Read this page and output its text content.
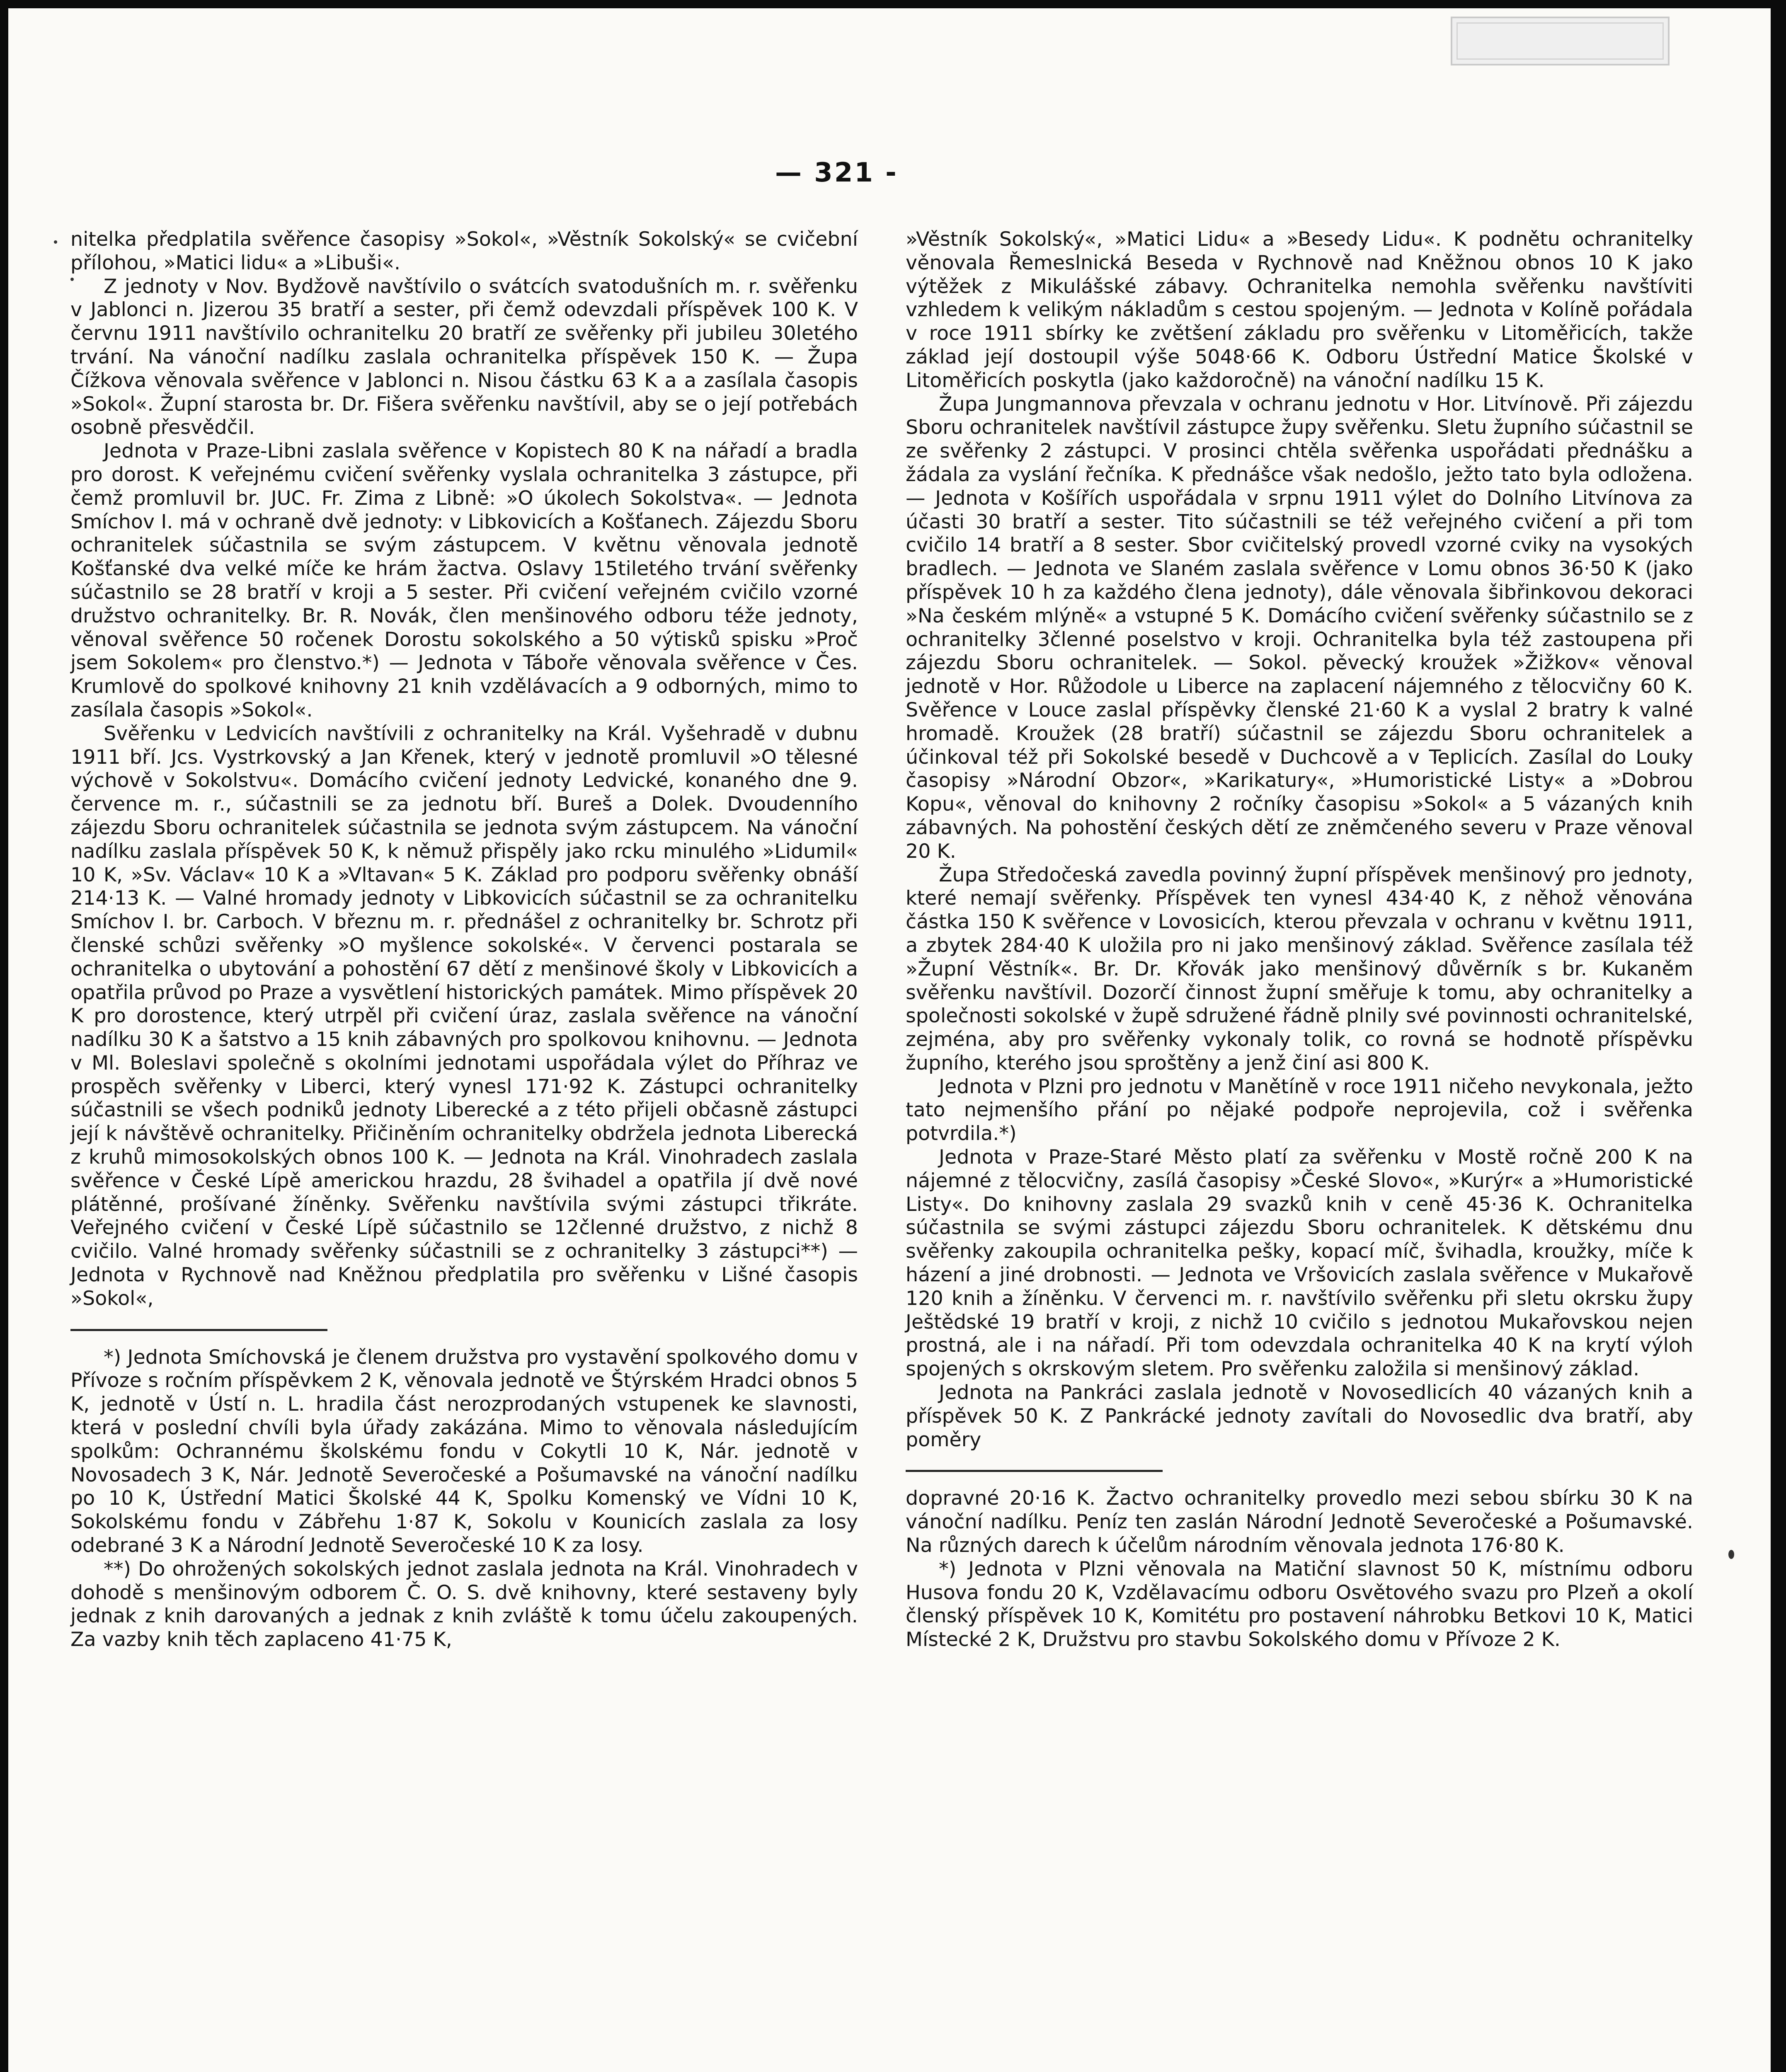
— 321 -

nitelka předplatila svěřence časopisy »Sokol«, »Věstník Sokolský« se cvičební přílohou, »Matici lidu« a »Libuši«.

Z jednoty v Nov. Bydžově navštívilo o svátcích svatodušních m. r. svěřenku v Jablonci n. Jizerou 35 bratří a sester, při čemž odevzdali příspěvek 100 K. V červnu 1911 navštívilo ochranitelku 20 bratří ze svěřenky při jubileu 30letého trvání. Na vánoční nadílku zaslala ochranitelka příspěvek 150 K. — Župa Čížkova věnovala svěřence v Jablonci n. Nisou částku 63 K a a zasílala časopis »Sokol«. Župní starosta br. Dr. Fišera svěřenku navštívil, aby se o její potřebách osobně přesvědčil.

Jednota v Praze-Libni zaslala svěřence v Kopistech 80 K na nářadí a bradla pro dorost. K veřejnému cvičení svěřenky vyslala ochranitelka 3 zástupce, při čemž promluvil br. JUC. Fr. Zima z Libně: »O úkolech Sokolstva«. — Jednota Smíchov I. má v ochraně dvě jednoty: v Libkovicích a Košťanech. Zájezdu Sboru ochranitelek súčastnila se svým zástupcem. V květnu věnovala jednotě Košťanské dva velké míče ke hrám žactva. Oslavy 15tiletého trvání svěřenky súčastnilo se 28 bratří v kroji a 5 sester. Při cvičení veřejném cvičilo vzorné družstvo ochranitelky. Br. R. Novák, člen menšinového odboru téže jednoty, věnoval svěřence 50 ročenek Dorostu sokolského a 50 výtisků spisku »Proč jsem Sokolem« pro členstvo.*) — Jednota v Táboře věnovala svěřence v Čes. Krumlově do spolkové knihovny 21 knih vzdělávacích a 9 odborných, mimo to zasílala časopis »Sokol«.

Svěřenku v Ledvicích navštívili z ochranitelky na Král. Vyšehradě v dubnu 1911 bří. Jcs. Vystrkovský a Jan Křenek, který v jednotě promluvil »O tělesné výchově v Sokolstvu«. Domácího cvičení jednoty Ledvické, konaného dne 9. července m. r., súčastnili se za jednotu bří. Bureš a Dolek. Dvoudenního zájezdu Sboru ochranitelek súčastnila se jednota svým zástupcem. Na vánoční nadílku zaslala příspěvek 50 K, k němuž přispěly jako rcku minulého »Lidumil« 10 K, »Sv. Václav« 10 K a »Vltavan« 5 K. Základ pro podporu svěřenky obnáší 214·13 K. — Valné hromady jednoty v Libkovicích súčastnil se za ochranitelku Smíchov I. br. Carboch. V březnu m. r. přednášel z ochranitelky br. Schrotz při členské schůzi svěřenky »O myšlence sokolské«. V červenci postarala se ochranitelka o ubytování a pohostění 67 dětí z menšinové školy v Libkovicích a opatřila průvod po Praze a vysvětlení historických památek. Mimo příspěvek 20 K pro dorostence, který utrpěl při cvičení úraz, zaslala svěřence na vánoční nadílku 30 K a šatstvo a 15 knih zábavných pro spolkovou knihovnu. — Jednota v Ml. Boleslavi společně s okolními jednotami uspořádala výlet do Příhraz ve prospěch svěřenky v Liberci, který vynesl 171·92 K. Zástupci ochranitelky súčastnili se všech podniků jednoty Liberecké a z této přijeli občasně zástupci její k návštěvě ochranitelky. Přičiněním ochranitelky obdržela jednota Liberecká z kruhů mimosokolských obnos 100 K. — Jednota na Král. Vinohradech zaslala svěřence v České Lípě americkou hrazdu, 28 švihadel a opatřila jí dvě nové plátěnné, prošívané žíněnky. Svěřenku navštívila svými zástupci třikráte. Veřejného cvičení v České Lípě súčastnilo se 12členné družstvo, z nichž 8 cvičilo. Valné hromady svěřenky súčastnili se z ochranitelky 3 zástupci**) — Jednota v Rychnově nad Kněžnou předplatila pro svěřenku v Lišné časopis »Sokol«,

*) Jednota Smíchovská je členem družstva pro vystavění spolkového domu v Přívoze s ročním příspěvkem 2 K, věnovala jednotě ve Štýrském Hradci obnos 5 K, jednotě v Ústí n. L. hradila část nerozprodaných vstupenek ke slavnosti, která v poslední chvíli byla úřady zakázána. Mimo to věnovala následujícím spolkům: Ochrannému školskému fondu v Cokytli 10 K, Nár. jednotě v Novosadech 3 K, Nár. Jednotě Severočeské a Pošumavské na vánoční nadílku po 10 K, Ústřední Matici Školské 44 K, Spolku Komenský ve Vídni 10 K, Sokolskému fondu v Zábřehu 1·87 K, Sokolu v Kounicích zaslala za losy odebrané 3 K a Národní Jednotě Severočeské 10 K za losy.

**) Do ohrožených sokolských jednot zaslala jednota na Král. Vinohradech v dohodě s menšinovým odborem Č. O. S. dvě knihovny, které sestaveny byly jednak z knih darovaných a jednak z knih zvláště k tomu účelu zakoupených. Za vazby knih těch zaplaceno 41·75 K,

»Věstník Sokolský«, »Matici Lidu« a »Besedy Lidu«. K podnětu ochranitelky věnovala Řemeslnická Beseda v Rychnově nad Kněžnou obnos 10 K jako výtěžek z Mikulášské zábavy. Ochranitelka nemohla svěřenku navštíviti vzhledem k velikým nákladům s cestou spojeným. — Jednota v Kolíně pořádala v roce 1911 sbírky ke zvětšení základu pro svěřenku v Litoměřicích, takže základ její dostoupil výše 5048·66 K. Odboru Ústřední Matice Školské v Litoměřicích poskytla (jako každoročně) na vánoční nadílku 15 K.

Župa Jungmannova převzala v ochranu jednotu v Hor. Litvínově. Při zájezdu Sboru ochranitelek navštívil zástupce župy svěřenku. Sletu župního súčastnil se ze svěřenky 2 zástupci. V prosinci chtěla svěřenka uspořádati přednášku a žádala za vyslání řečníka. K přednášce však nedošlo, ježto tato byla odložena. — Jednota v Košířích uspořádala v srpnu 1911 výlet do Dolního Litvínova za účasti 30 bratří a sester. Tito súčastnili se též veřejného cvičení a při tom cvičilo 14 bratří a 8 sester. Sbor cvičitelský provedl vzorné cviky na vysokých bradlech. — Jednota ve Slaném zaslala svěřence v Lomu obnos 36·50 K (jako příspěvek 10 h za každého člena jednoty), dále věnovala šibřinkovou dekoraci »Na českém mlýně« a vstupné 5 K. Domácího cvičení svěřenky súčastnilo se z ochranitelky 3členné poselstvo v kroji. Ochranitelka byla též zastoupena při zájezdu Sboru ochranitelek. — Sokol. pěvecký kroužek »Žižkov« věnoval jednotě v Hor. Růžodole u Liberce na zaplacení nájemného z tělocvičny 60 K. Svěřence v Louce zaslal příspěvky členské 21·60 K a vyslal 2 bratry k valné hromadě. Kroužek (28 bratří) súčastnil se zájezdu Sboru ochranitelek a účinkoval též při Sokolské besedě v Duchcově a v Teplicích. Zasílal do Louky časopisy »Národní Obzor«, »Karikatury«, »Humoristické Listy« a »Dobrou Kopu«, věnoval do knihovny 2 ročníky časopisu »Sokol« a 5 vázaných knih zábavných. Na pohostění českých dětí ze zněmčeného severu v Praze věnoval 20 K.

Župa Středočeská zavedla povinný župní příspěvek menšinový pro jednoty, které nemají svěřenky. Příspěvek ten vynesl 434·40 K, z něhož věnována částka 150 K svěřence v Lovosicích, kterou převzala v ochranu v květnu 1911, a zbytek 284·40 K uložila pro ni jako menšinový základ. Svěřence zasílala též »Župní Věstník«. Br. Dr. Křovák jako menšinový důvěrník s br. Kukaněm svěřenku navštívil. Dozorčí činnost župní směřuje k tomu, aby ochranitelky a společnosti sokolské v župě sdružené řádně plnily své povinnosti ochranitelské, zejména, aby pro svěřenky vykonaly tolik, co rovná se hodnotě příspěvku župního, kterého jsou sproštěny a jenž činí asi 800 K.

Jednota v Plzni pro jednotu v Manětíně v roce 1911 ničeho nevykonala, ježto tato nejmenšího přání po nějaké podpoře neprojevila, což i svěřenka potvrdila.*)

Jednota v Praze-Staré Město platí za svěřenku v Mostě ročně 200 K na nájemné z tělocvičny, zasílá časopisy »České Slovo«, »Kurýr« a »Humoristické Listy«. Do knihovny zaslala 29 svazků knih v ceně 45·36 K. Ochranitelka súčastnila se svými zástupci zájezdu Sboru ochranitelek. K dětskému dnu svěřenky zakoupila ochranitelka pešky, kopací míč, švihadla, kroužky, míče k házení a jiné drobnosti. — Jednota ve Vršovicích zaslala svěřence v Mukařově 120 knih a žíněnku. V červenci m. r. navštívilo svěřenku při sletu okrsku župy Ještědské 19 bratří v kroji, z nichž 10 cvičilo s jednotou Mukařovskou nejen prostná, ale i na nářadí. Při tom odevzdala ochranitelka 40 K na krytí výloh spojených s okrskovým sletem. Pro svěřenku založila si menšinový základ.

Jednota na Pankráci zaslala jednotě v Novosedlicích 40 vázaných knih a příspěvek 50 K. Z Pankrácké jednoty zavítali do Novosedlic dva bratří, aby poměry

dopravné 20·16 K. Žactvo ochranitelky provedlo mezi sebou sbírku 30 K na vánoční nadílku. Peníz ten zaslán Národní Jednotě Severočeské a Pošumavské. Na různých darech k účelům národním věnovala jednota 176·80 K.

*) Jednota v Plzni věnovala na Matiční slavnost 50 K, místnímu odboru Husova fondu 20 K, Vzdělavacímu odboru Osvětového svazu pro Plzeň a okolí členský příspěvek 10 K, Komitétu pro postavení náhrobku Betkovi 10 K, Matici Místecké 2 K, Družstvu pro stavbu Sokolského domu v Přívoze 2 K.
